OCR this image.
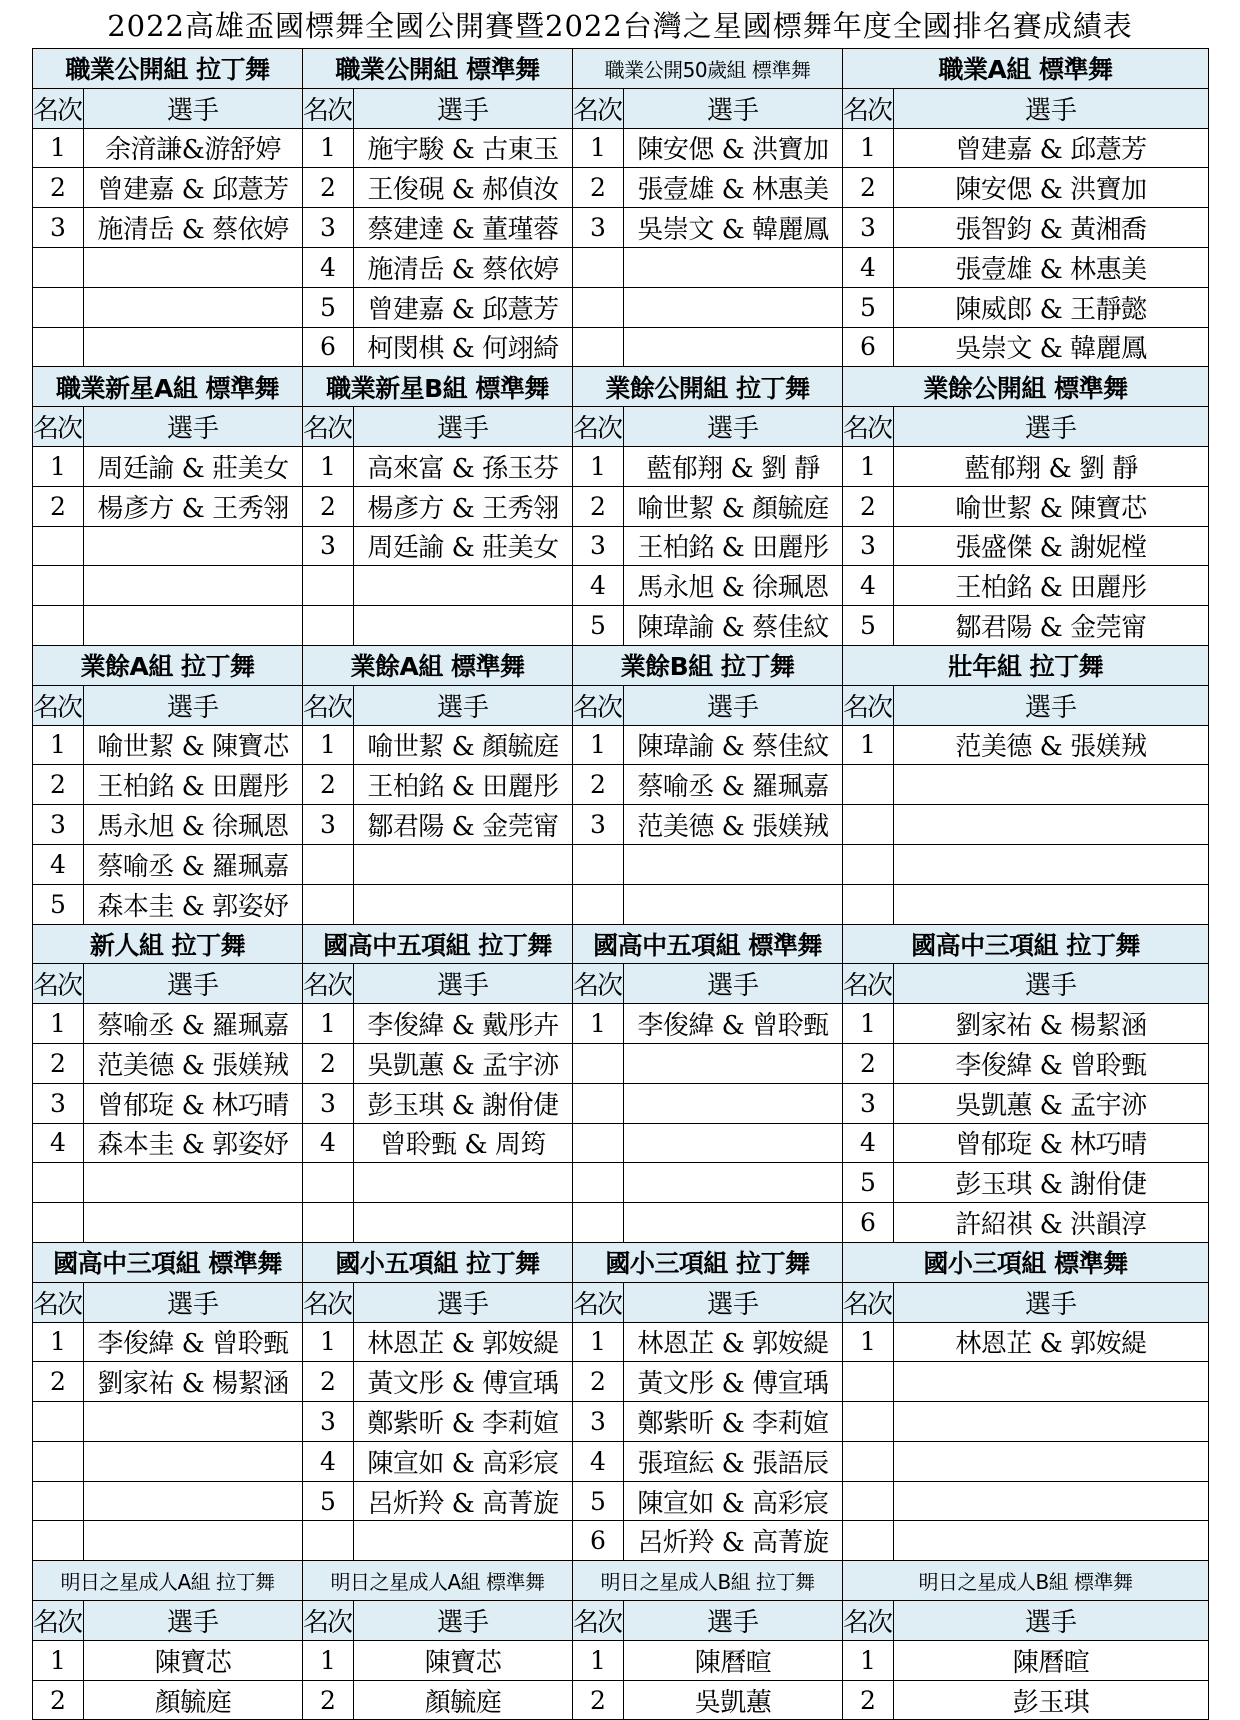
2022高雄盃國標舞全國公開賽暨2022台灣之星國標舞年度全國排名賽成績表
職業公開組 拉丁舞		職業公開組 標準舞		職業公開50歲組 標準舞		職業A組 標準舞	
名次	選手	名次	選手	名次	選手	名次	選手
1	余湇謙&游舒婷	1	施宇駿 & 古東玉	1	陳安偲 & 洪寶加	1	曾建嘉 & 邱薏芳
2	曾建嘉 & 邱薏芳	2	王俊硯 & 郝偵汝	2	張壹雄 & 林惠美	2	陳安偲 & 洪寶加
3	施清岳 & 蔡依婷	3	蔡建達 & 董瑾蓉	3	吳崇文 & 韓麗鳳	3	張智鈞 & 黃湘喬
		4	施清岳 & 蔡依婷			4	張壹雄 & 林惠美
		5	曾建嘉 & 邱薏芳			5	陳威郎 & 王靜懿
		6	柯閔棋 & 何翊綺			6	吳崇文 & 韓麗鳳
職業新星A組 標準舞		職業新星B組 標準舞		業餘公開組 拉丁舞		業餘公開組 標準舞	
名次	選手	名次	選手	名次	選手	名次	選手
1	周廷諭 & 莊美女	1	高來富 & 孫玉芬	1	藍郁翔 & 劉 靜	1	藍郁翔 & 劉 靜
2	楊彥方 & 王秀翎	2	楊彥方 & 王秀翎	2	喻世絜 & 顏毓庭	2	喻世絜 & 陳寶芯
		3	周廷諭 & 莊美女	3	王柏銘 & 田麗彤	3	張盛傑 & 謝妮樘
				4	馬永旭 & 徐珮恩	4	王柏銘 & 田麗彤
				5	陳瑋諭 & 蔡佳紋	5	鄒君陽 & 金莞甯
業餘A組 拉丁舞		業餘A組 標準舞		業餘B組 拉丁舞		壯年組 拉丁舞	
名次	選手	名次	選手	名次	選手	名次	選手
1	喻世絜 & 陳寶芯	1	喻世絜 & 顏毓庭	1	陳瑋諭 & 蔡佳紋	1	范美德 & 張媄羢
2	王柏銘 & 田麗彤	2	王柏銘 & 田麗彤	2	蔡喻丞 & 羅珮嘉		
3	馬永旭 & 徐珮恩	3	鄒君陽 & 金莞甯	3	范美德 & 張媄羢		
4	蔡喻丞 & 羅珮嘉						
5	森本圭 & 郭姿妤						
新人組 拉丁舞		國高中五項組 拉丁舞		國高中五項組 標準舞		國高中三項組 拉丁舞	
名次	選手	名次	選手	名次	選手	名次	選手
1	蔡喻丞 & 羅珮嘉	1	李俊緯 & 戴彤卉	1	李俊緯 & 曾聆甄	1	劉家祐 & 楊絜涵
2	范美德 & 張媄羢	2	吳凱蕙 & 孟宇洂			2	李俊緯 & 曾聆甄
3	曾郁琁 & 林巧晴	3	彭玉琪 & 謝佾倢			3	吳凱蕙 & 孟宇洂
4	森本圭 & 郭姿妤	4	曾聆甄 & 周筠			4	曾郁琁 & 林巧晴
						5	彭玉琪 & 謝佾倢
						6	許紹祺 & 洪韻淳
國高中三項組 標準舞		國小五項組 拉丁舞		國小三項組 拉丁舞		國小三項組 標準舞	
名次	選手	名次	選手	名次	選手	名次	選手
1	李俊緯 & 曾聆甄	1	林恩芷 & 郭姲緹	1	林恩芷 & 郭姲緹	1	林恩芷 & 郭姲緹
2	劉家祐 & 楊絜涵	2	黃文彤 & 傅宣瑀	2	黃文彤 & 傅宣瑀		
		3	鄭紫昕 & 李莉媗	3	鄭紫昕 & 李莉媗		
		4	陳宣如 & 高彩宸	4	張瑄紜 & 張語辰		
		5	呂炘羚 & 高菁旋	5	陳宣如 & 高彩宸		
				6	呂炘羚 & 高菁旋		
明日之星成人A組 拉丁舞		明日之星成人A組 標準舞		明日之星成人B組 拉丁舞		明日之星成人B組 標準舞	
名次	選手	名次	選手	名次	選手	名次	選手
1	陳寶芯	1	陳寶芯	1	陳曆暄	1	陳曆暄
2	顏毓庭	2	顏毓庭	2	吳凱蕙	2	彭玉琪
